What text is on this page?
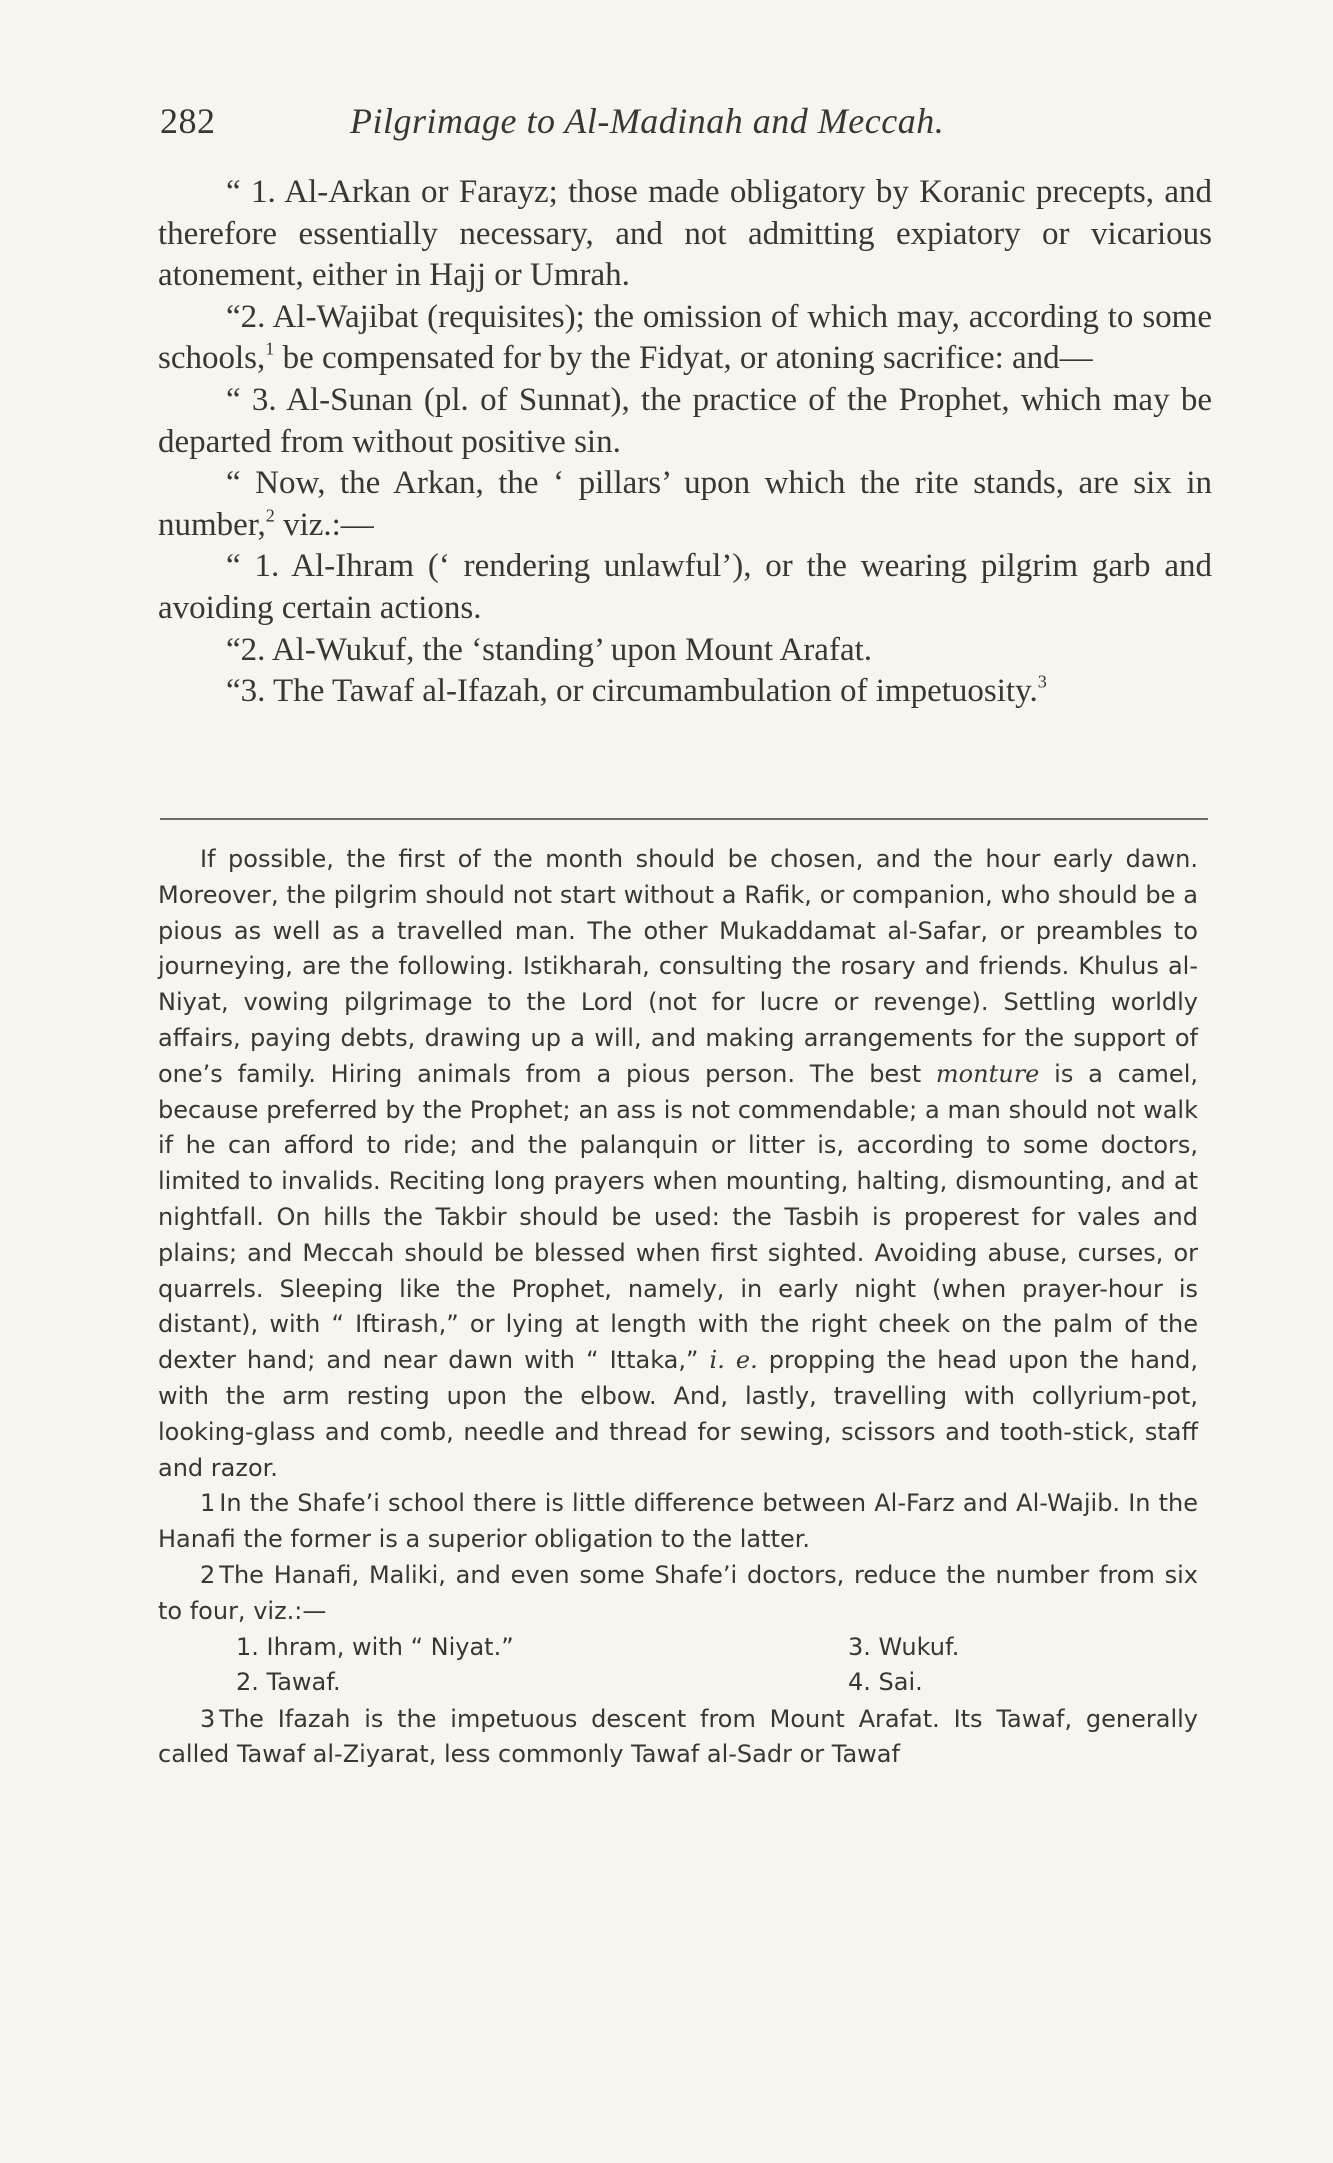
282	Pilgrimage to Al-Madinah and Meccah.

“ 1. Al-Arkan or Farayz; those made obligatory by Koranic precepts, and therefore essentially necessary, and not admitting expiatory or vicarious atonement, either in Hajj or Umrah.

“2. Al-Wajibat (requisites); the omission of which may, according to some schools,$^1$ be compensated for by the Fidyat, or atoning sacrifice: and—

“ 3. Al-Sunan (pl. of Sunnat), the practice of the Prophet, which may be departed from without positive sin.

“ Now, the Arkan, the ‘ pillars’ upon which the rite stands, are six in number,$^2$ viz.:—

“ 1. Al-Ihram (‘ rendering unlawful’), or the wearing pilgrim garb and avoiding certain actions.

“2. Al-Wukuf, the ‘standing’ upon Mount Arafat.

“3. The Tawaf al-Ifazah, or circumambulation of impetuosity.$^3$

If possible, the first of the month should be chosen, and the hour early dawn. Moreover, the pilgrim should not start without a Rafik, or companion, who should be a pious as well as a travelled man. The other Mukaddamat al-Safar, or preambles to journeying, are the following. Istikharah, consulting the rosary and friends. Khulus al-Niyat, vowing pilgrimage to the Lord (not for lucre or revenge). Settling worldly affairs, paying debts, drawing up a will, and making arrangements for the support of one’s family. Hiring animals from a pious person. The best monture is a camel, because preferred by the Prophet; an ass is not commendable; a man should not walk if he can afford to ride; and the palanquin or litter is, according to some doctors, limited to invalids. Reciting long prayers when mounting, halting, dismounting, and at nightfall. On hills the Takbir should be used: the Tasbih is properest for vales and plains; and Meccah should be blessed when first sighted. Avoiding abuse, curses, or quarrels. Sleeping like the Prophet, namely, in early night (when prayer-hour is distant), with “ Iftirash,” or lying at length with the right cheek on the palm of the dexter hand; and near dawn with “ Ittaka,” i. e. propping the head upon the hand, with the arm resting upon the elbow. And, lastly, travelling with collyrium-pot, looking-glass and comb, needle and thread for sewing, scissors and tooth-stick, staff and razor.

1 In the Shafe’i school there is little difference between Al-Farz and Al-Wajib. In the Hanafi the former is a superior obligation to the latter.

2 The Hanafi, Maliki, and even some Shafe’i doctors, reduce the number from six to four, viz.:—

1. Ihram, with “ Niyat.”
2. Tawaf.
3. Wukuf.
4. Sai.

3 The Ifazah is the impetuous descent from Mount Arafat. Its Tawaf, generally called Tawaf al-Ziyarat, less commonly Tawaf al-Sadr or Tawaf
